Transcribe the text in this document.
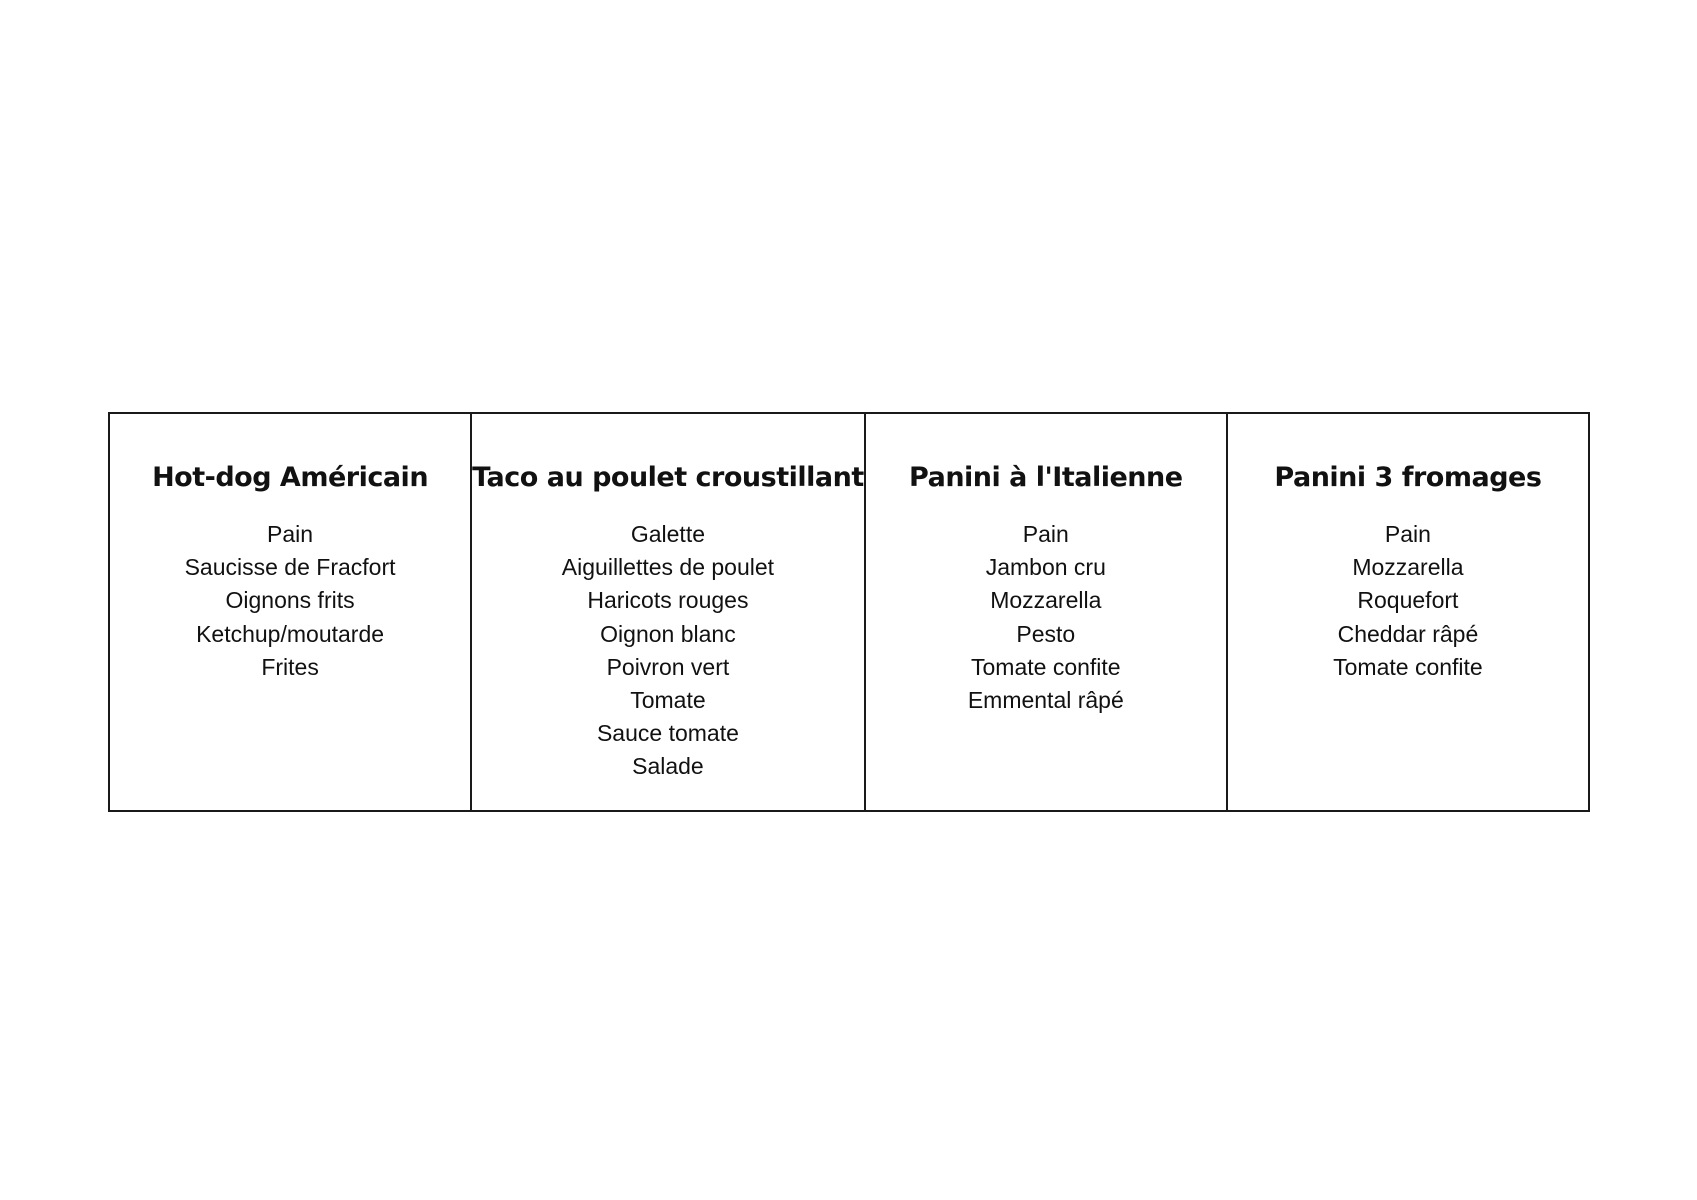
Hot-dog Américain
Pain
Saucisse de Fracfort
Oignons frits
Ketchup/moutarde
Frites
Taco au poulet croustillant
Galette
Aiguillettes de poulet
Haricots rouges
Oignon blanc
Poivron vert
Tomate
Sauce tomate
Salade
Panini à l'Italienne
Pain
Jambon cru
Mozzarella
Pesto
Tomate confite
Emmental râpé
Panini 3 fromages
Pain
Mozzarella
Roquefort
Cheddar râpé
Tomate confite
